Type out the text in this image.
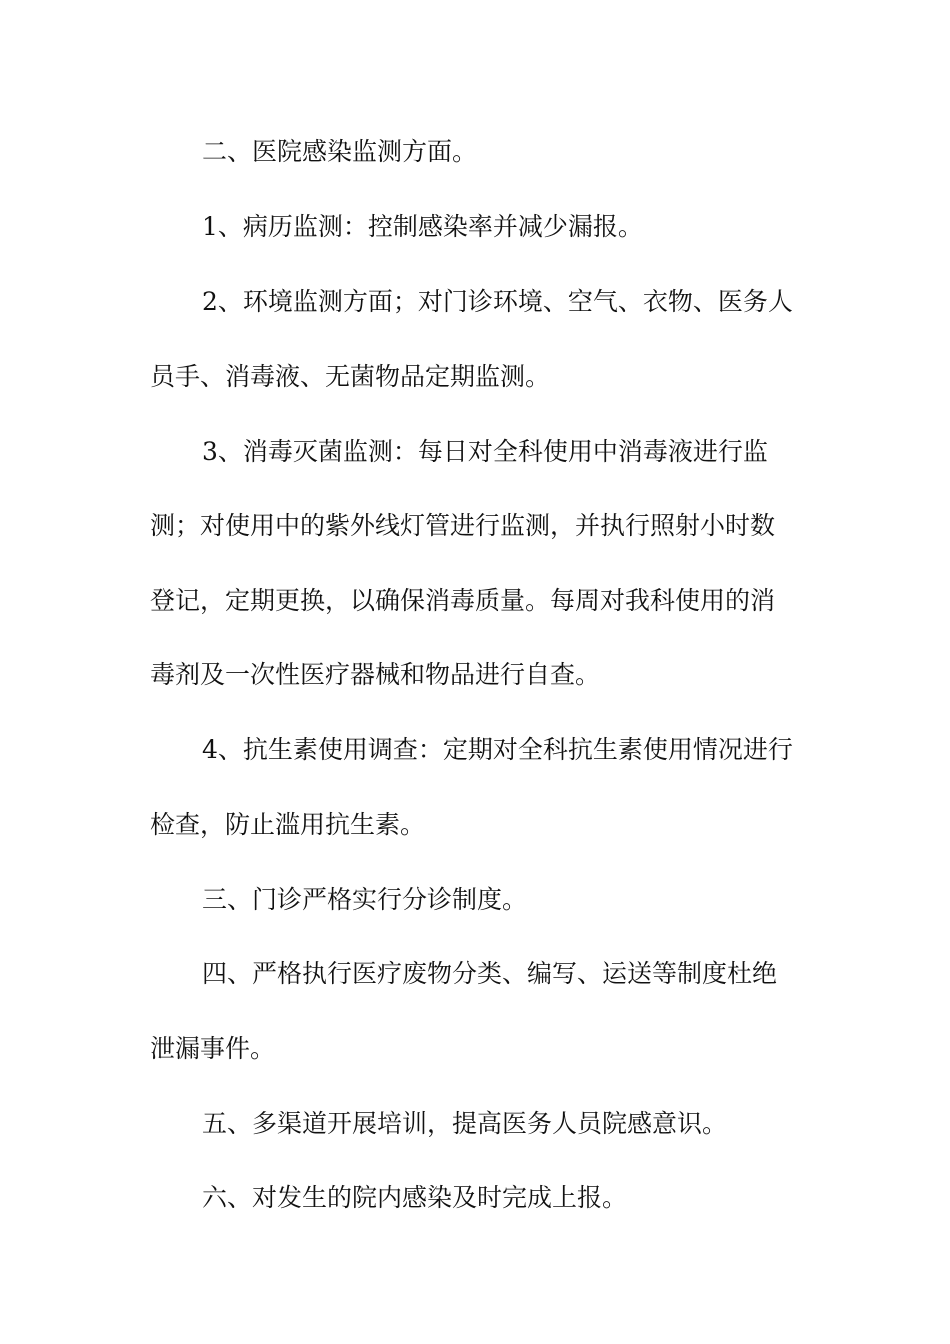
二、医院感染监测方面。
1、病历监测：控制感染率并减少漏报。
2、环境监测方面；对门诊环境、空气、衣物、医务人
员手、消毒液、无菌物品定期监测。
3、消毒灭菌监测：每日对全科使用中消毒液进行监
测；对使用中的紫外线灯管进行监测，并执行照射小时数
登记，定期更换，以确保消毒质量。每周对我科使用的消
毒剂及一次性医疗器械和物品进行自查。
4、抗生素使用调查：定期对全科抗生素使用情况进行
检查，防止滥用抗生素。
三、门诊严格实行分诊制度。
四、严格执行医疗废物分类、编写、运送等制度杜绝
泄漏事件。
五、多渠道开展培训，提高医务人员院感意识。
六、对发生的院内感染及时完成上报。
